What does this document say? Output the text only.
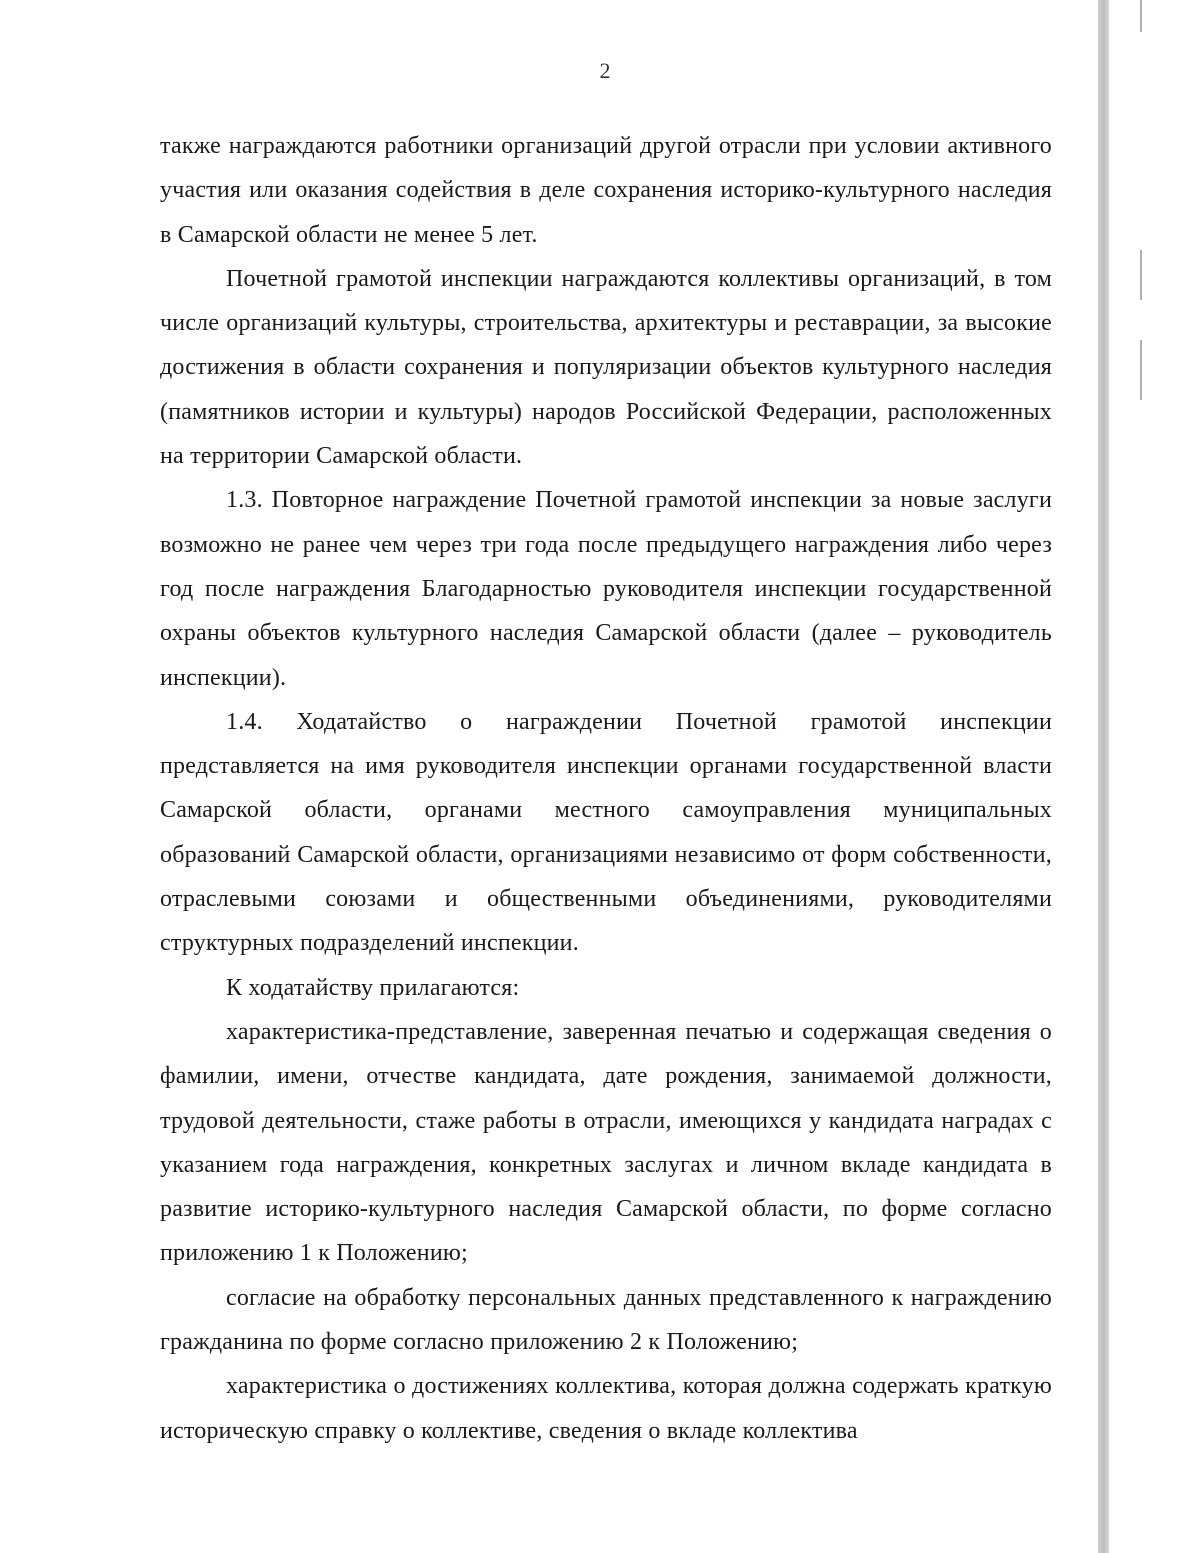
2

также награждаются работники организаций другой отрасли при условии активного участия или оказания содействия в деле сохранения историко-культурного наследия в Самарской области не менее 5 лет.

Почетной грамотой инспекции награждаются коллективы организаций, в том числе организаций культуры, строительства, архитектуры и реставрации, за высокие достижения в области сохранения и популяризации объектов культурного наследия (памятников истории и культуры) народов Российской Федерации, расположенных на территории Самарской области.

1.3. Повторное награждение Почетной грамотой инспекции за новые заслуги возможно не ранее чем через три года после предыдущего награждения либо через год после награждения Благодарностью руководителя инспекции государственной охраны объектов культурного наследия Самарской области (далее – руководитель инспекции).

1.4. Ходатайство о награждении Почетной грамотой инспекции представляется на имя руководителя инспекции органами государственной власти Самарской области, органами местного самоуправления муниципальных образований Самарской области, организациями независимо от форм собственности, отраслевыми союзами и общественными объединениями, руководителями структурных подразделений инспекции.

К ходатайству прилагаются:

характеристика-представление, заверенная печатью и содержащая сведения о фамилии, имени, отчестве кандидата, дате рождения, занимаемой должности, трудовой деятельности, стаже работы в отрасли, имеющихся у кандидата наградах с указанием года награждения, конкретных заслугах и личном вкладе кандидата в развитие историко-культурного наследия Самарской области, по форме согласно приложению 1 к Положению;

согласие на обработку персональных данных представленного к награждению гражданина по форме согласно приложению 2 к Положению;

характеристика о достижениях коллектива, которая должна содержать краткую историческую справку о коллективе, сведения о вкладе коллектива
